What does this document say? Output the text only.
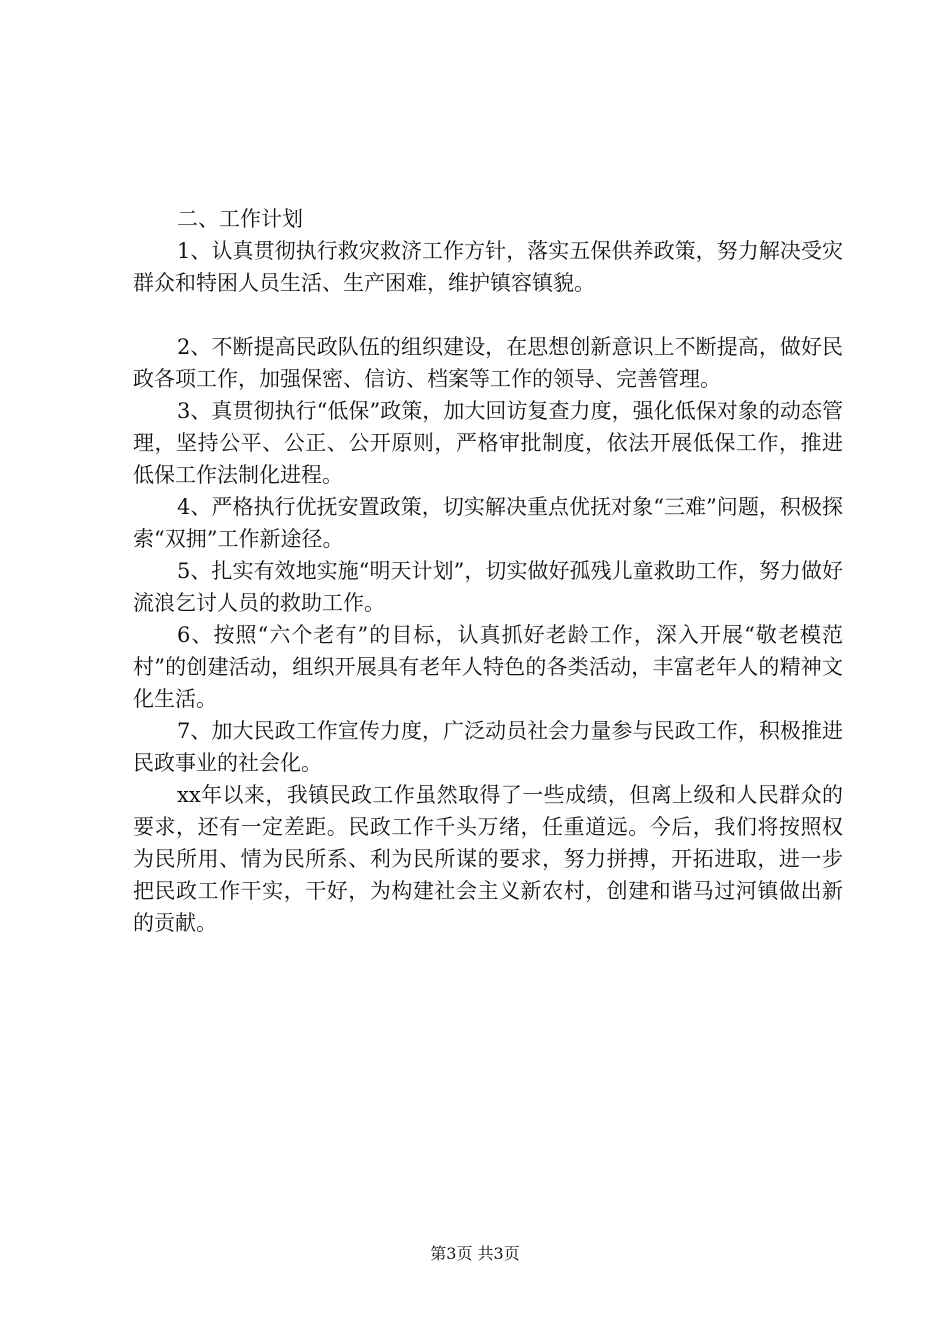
二、工作计划

1、认真贯彻执行救灾救济工作方针，落实五保供养政策，努力解决受灾群众和特困人员生活、生产困难，维护镇容镇貌。

2、不断提高民政队伍的组织建设，在思想创新意识上不断提高，做好民政各项工作，加强保密、信访、档案等工作的领导、完善管理。

3、真贯彻执行“低保”政策，加大回访复查力度，强化低保对象的动态管理，坚持公平、公正、公开原则，严格审批制度，依法开展低保工作，推进低保工作法制化进程。

4、严格执行优抚安置政策，切实解决重点优抚对象“三难”问题，积极探索“双拥”工作新途径。

5、扎实有效地实施“明天计划”，切实做好孤残儿童救助工作，努力做好流浪乞讨人员的救助工作。

6、按照“六个老有”的目标，认真抓好老龄工作，深入开展“敬老模范村”的创建活动，组织开展具有老年人特色的各类活动，丰富老年人的精神文化生活。

7、加大民政工作宣传力度，广泛动员社会力量参与民政工作，积极推进民政事业的社会化。

xx年以来，我镇民政工作虽然取得了一些成绩，但离上级和人民群众的要求，还有一定差距。民政工作千头万绪，任重道远。今后，我们将按照权为民所用、情为民所系、利为民所谋的要求，努力拼搏，开拓进取，进一步把民政工作干实，干好，为构建社会主义新农村，创建和谐马过河镇做出新的贡献。

第3页 共3页
